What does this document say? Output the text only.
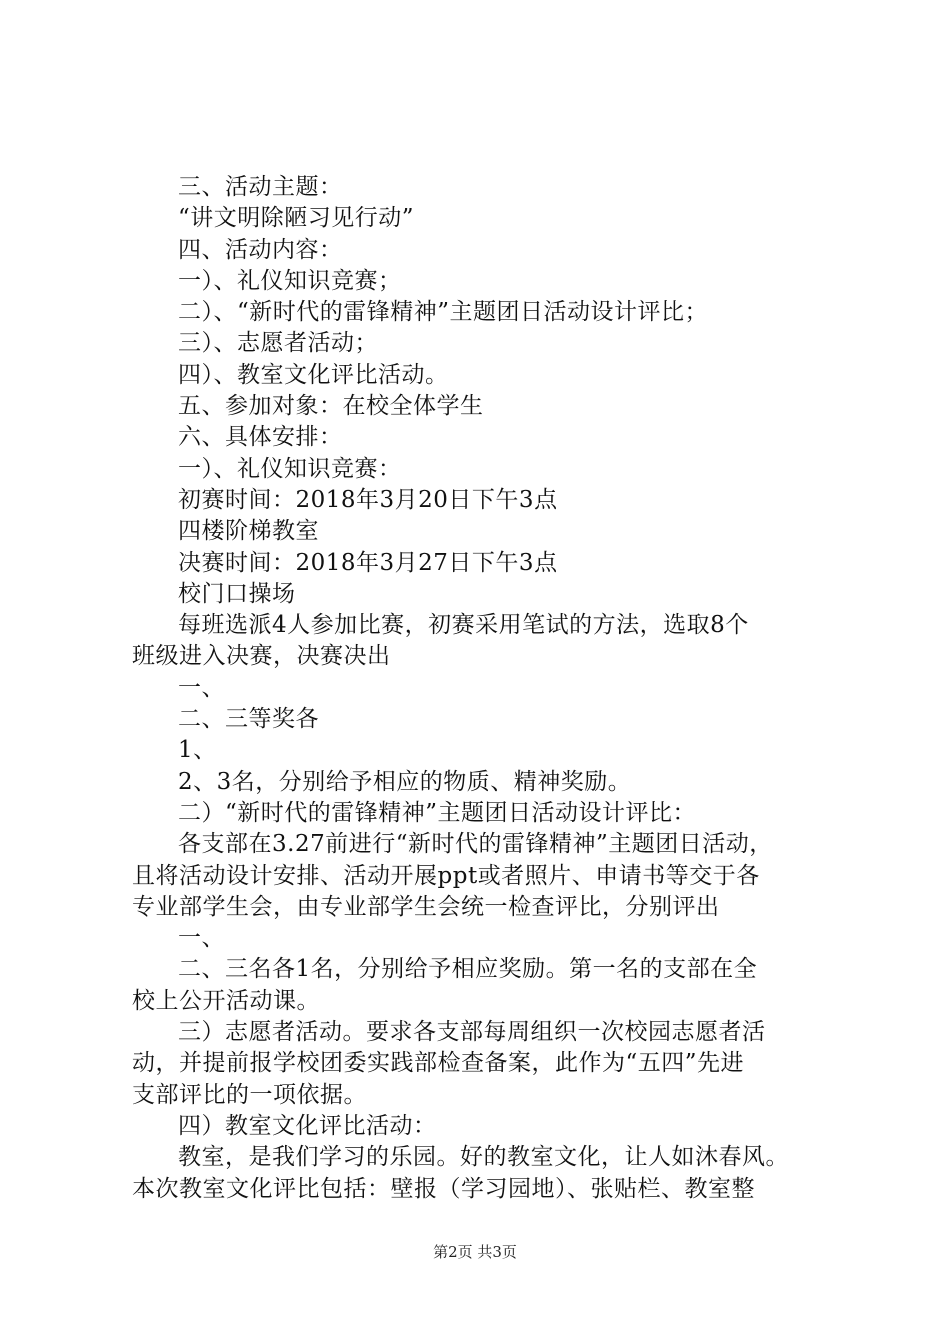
三、活动主题：
“讲文明除陋习见行动”
四、活动内容：
一）、礼仪知识竞赛；
二）、“新时代的雷锋精神”主题团日活动设计评比；
三）、志愿者活动；
四）、教室文化评比活动。
五、参加对象：在校全体学生
六、具体安排：
一）、礼仪知识竞赛：
初赛时间：2018年3月20日下午3点
四楼阶梯教室
决赛时间：2018年3月27日下午3点
校门口操场
每班选派4人参加比赛，初赛采用笔试的方法，选取8个
班级进入决赛，决赛决出
一、
二、三等奖各
1、
2、3名，分别给予相应的物质、精神奖励。
二）“新时代的雷锋精神”主题团日活动设计评比：
各支部在3.27前进行“新时代的雷锋精神”主题团日活动，
且将活动设计安排、活动开展ppt或者照片、申请书等交于各
专业部学生会，由专业部学生会统一检查评比，分别评出
一、
二、三名各1名，分别给予相应奖励。第一名的支部在全
校上公开活动课。
三）志愿者活动。要求各支部每周组织一次校园志愿者活
动，并提前报学校团委实践部检查备案，此作为“五四”先进
支部评比的一项依据。
四）教室文化评比活动：
教室，是我们学习的乐园。好的教室文化，让人如沐春风。
本次教室文化评比包括：壁报（学习园地）、张贴栏、教室整
第2页 共3页
